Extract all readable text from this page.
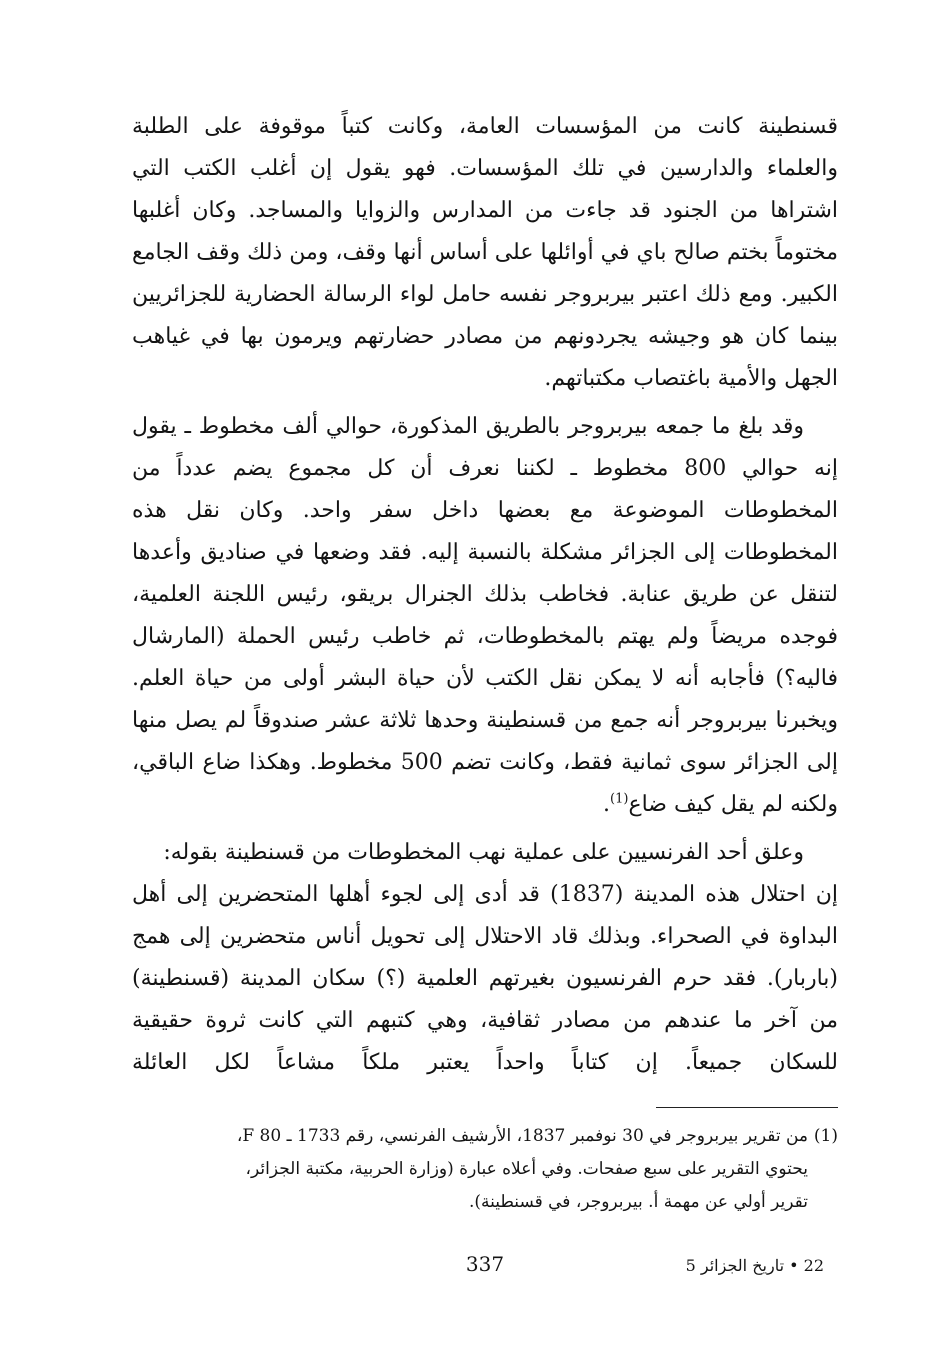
قسنطينة كانت من المؤسسات العامة، وكانت كتباً موقوفة على الطلبة والعلماء والدارسين في تلك المؤسسات. فهو يقول إن أغلب الكتب التي اشتراها من الجنود قد جاءت من المدارس والزوايا والمساجد. وكان أغلبها مختوماً بختم صالح باي في أوائلها على أساس أنها وقف، ومن ذلك وقف الجامع الكبير. ومع ذلك اعتبر بيربروجر نفسه حامل لواء الرسالة الحضارية للجزائريين بينما كان هو وجيشه يجردونهم من مصادر حضارتهم ويرمون بها في غياهب الجهل والأمية باغتصاب مكتباتهم.

وقد بلغ ما جمعه بيربروجر بالطريق المذكورة، حوالي ألف مخطوط ـ يقول إنه حوالي 800 مخطوط ـ لكننا نعرف أن كل مجموع يضم عدداً من المخطوطات الموضوعة مع بعضها داخل سفر واحد. وكان نقل هذه المخطوطات إلى الجزائر مشكلة بالنسبة إليه. فقد وضعها في صناديق وأعدها لتنقل عن طريق عنابة. فخاطب بذلك الجنرال بريقو، رئيس اللجنة العلمية، فوجده مريضاً ولم يهتم بالمخطوطات، ثم خاطب رئيس الحملة (المارشال فاليه؟) فأجابه أنه لا يمكن نقل الكتب لأن حياة البشر أولى من حياة العلم. ويخبرنا بيربروجر أنه جمع من قسنطينة وحدها ثلاثة عشر صندوقاً لم يصل منها إلى الجزائر سوى ثمانية فقط، وكانت تضم 500 مخطوط. وهكذا ضاع الباقي، ولكنه لم يقل كيف ضاع$^{(1)}$.

وعلق أحد الفرنسيين على عملية نهب المخطوطات من قسنطينة بقوله:

إن احتلال هذه المدينة (1837) قد أدى إلى لجوء أهلها المتحضرين إلى أهل البداوة في الصحراء. وبذلك قاد الاحتلال إلى تحويل أناس متحضرين إلى همج (باربار). فقد حرم الفرنسيون بغيرتهم العلمية (؟) سكان المدينة (قسنطينة) من آخر ما عندهم من مصادر ثقافية، وهي كتبهم التي كانت ثروة حقيقية للسكان جميعاً. إن كتاباً واحداً يعتبر ملكاً مشاعاً لكل العائلة

(1)من تقرير بيربروجر في 30 نوفمبر 1837، الأرشيف الفرنسي، رقم 1733 ـ F 80،

يحتوي التقرير على سبع صفحات. وفي أعلاه عبارة (وزارة الحربية، مكتبة الجزائر،

تقرير أولي عن مهمة أ. بيربروجر، في قسنطينة).

337	22 • تاريخ الجزائر 5
